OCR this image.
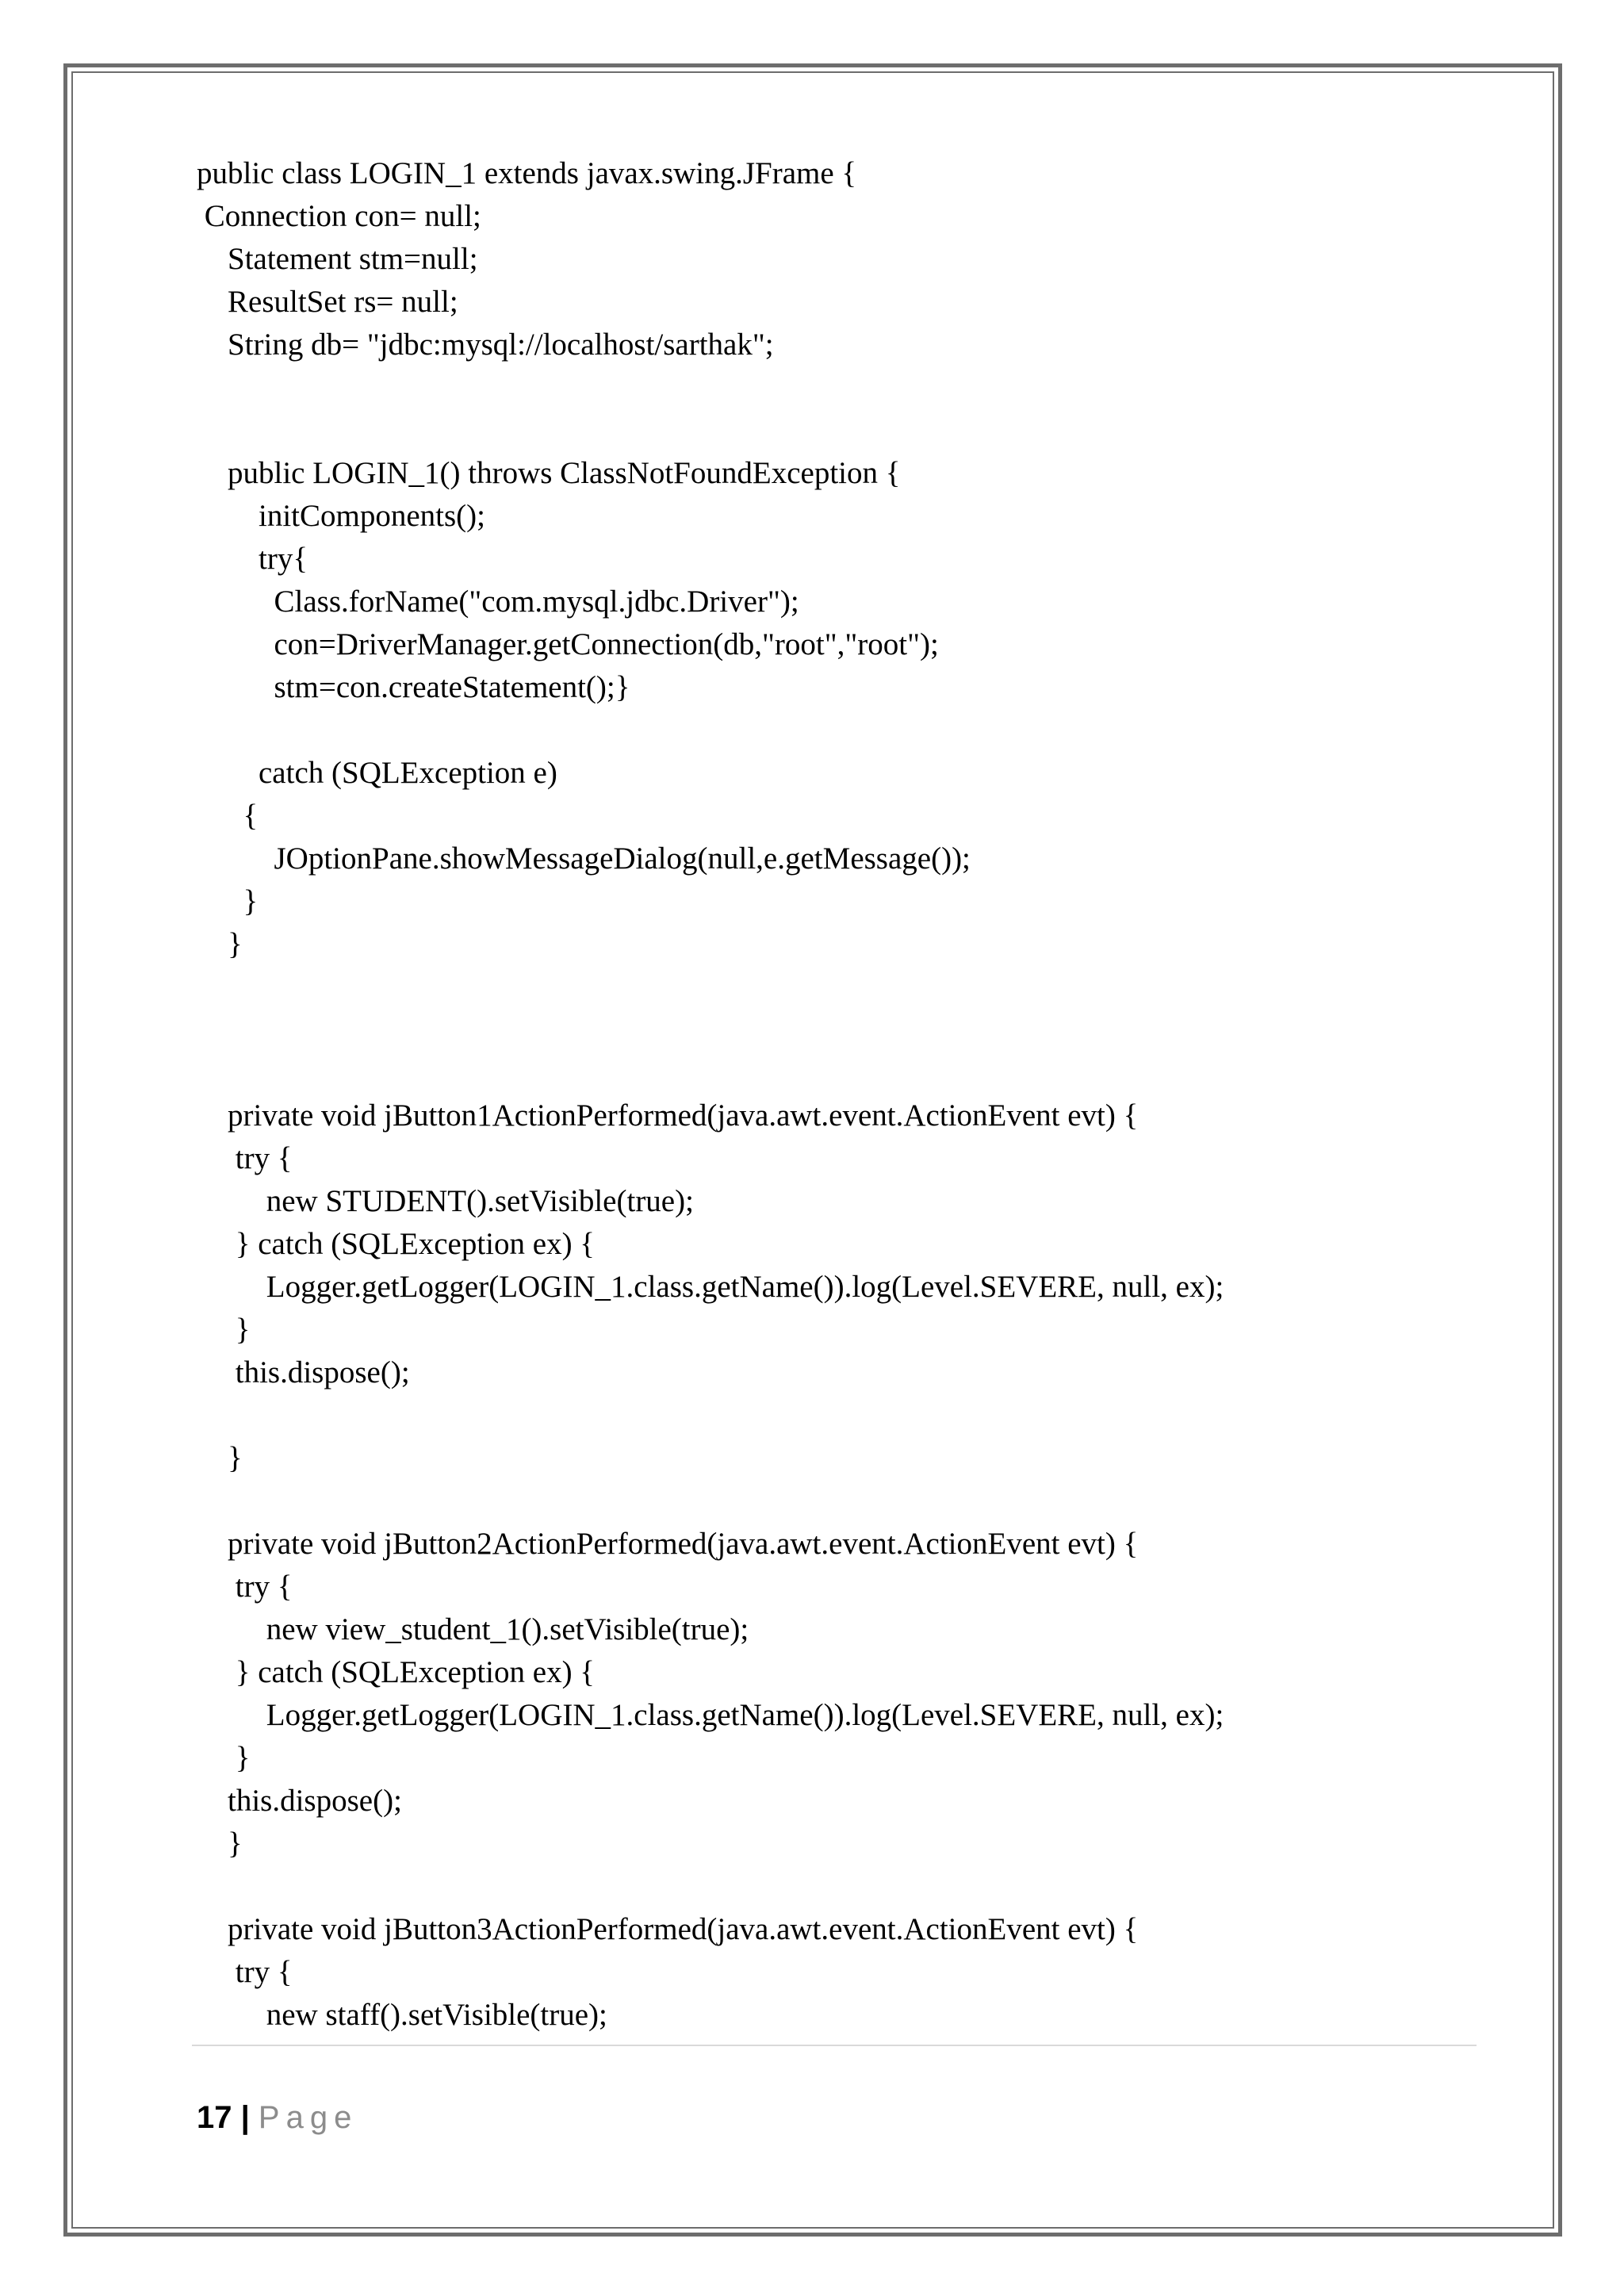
public class LOGIN_1 extends javax.swing.JFrame {
Connection con= null;
Statement stm=null;
ResultSet rs= null;
String db= "jdbc:mysql://localhost/sarthak";
public LOGIN_1() throws ClassNotFoundException {
initComponents();
try{
Class.forName("com.mysql.jdbc.Driver");
con=DriverManager.getConnection(db,"root","root");
stm=con.createStatement();}
catch (SQLException e)
{
JOptionPane.showMessageDialog(null,e.getMessage());
}
}
private void jButton1ActionPerformed(java.awt.event.ActionEvent evt) {
try {
new STUDENT().setVisible(true);
} catch (SQLException ex) {
Logger.getLogger(LOGIN_1.class.getName()).log(Level.SEVERE, null, ex);
}
this.dispose();
}
private void jButton2ActionPerformed(java.awt.event.ActionEvent evt) {
try {
new view_student_1().setVisible(true);
} catch (SQLException ex) {
Logger.getLogger(LOGIN_1.class.getName()).log(Level.SEVERE, null, ex);
}
this.dispose();
}
private void jButton3ActionPerformed(java.awt.event.ActionEvent evt) {
try {
new staff().setVisible(true);
17 | Page
